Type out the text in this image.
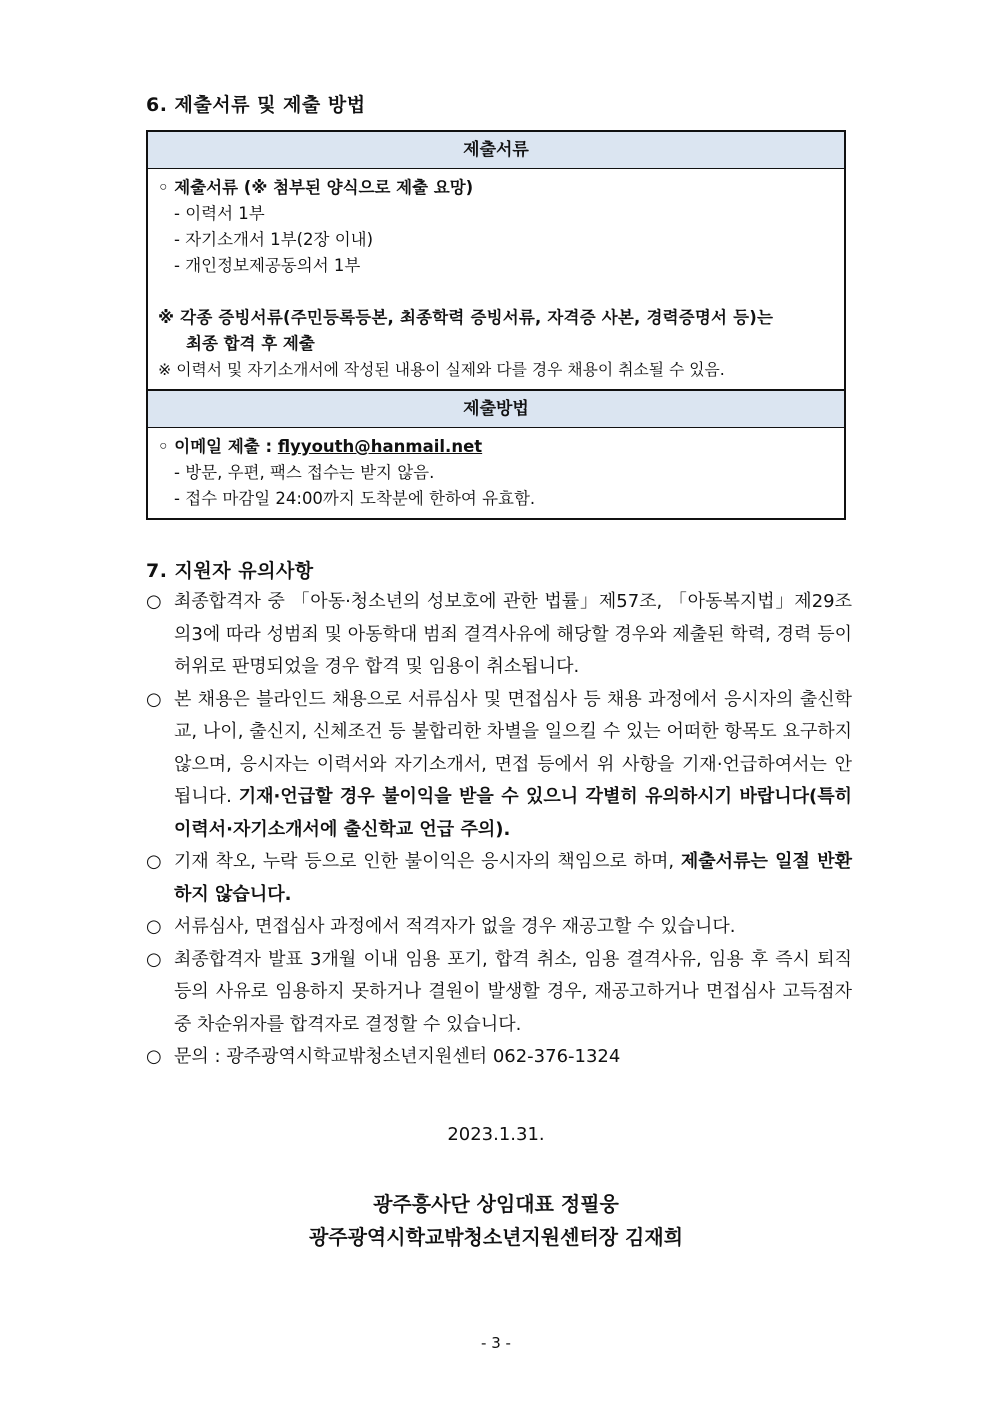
6. 제출서류 및 제출 방법
제출서류
◦ 제출서류 (※ 첨부된 양식으로 제출 요망)
- 이력서 1부
- 자기소개서 1부(2장 이내)
- 개인정보제공동의서 1부
※ 각종 증빙서류(주민등록등본, 최종학력 증빙서류, 자격증 사본, 경력증명서 등)는
최종 합격 후 제출
※ 이력서 및 자기소개서에 작성된 내용이 실제와 다를 경우 채용이 취소될 수 있음.
제출방법
◦ 이메일 제출 : flyyouth@hanmail.net
- 방문, 우편, 팩스 접수는 받지 않음.
- 접수 마감일 24:00까지 도착분에 한하여 유효함.
7. 지원자 유의사항
○ 최종합격자 중 「아동·청소년의 성보호에 관한 법률」제57조, 「아동복지법」제29조의3에 따라 성범죄 및 아동학대 범죄 결격사유에 해당할 경우와 제출된 학력, 경력 등이 허위로 판명되었을 경우 합격 및 임용이 취소됩니다.
○ 본 채용은 블라인드 채용으로 서류심사 및 면접심사 등 채용 과정에서 응시자의 출신학교, 나이, 출신지, 신체조건 등 불합리한 차별을 일으킬 수 있는 어떠한 항목도 요구하지 않으며, 응시자는 이력서와 자기소개서, 면접 등에서 위 사항을 기재·언급하여서는 안 됩니다. 기재·언급할 경우 불이익을 받을 수 있으니 각별히 유의하시기 바랍니다(특히 이력서·자기소개서에 출신학교 언급 주의).
○ 기재 착오, 누락 등으로 인한 불이익은 응시자의 책임으로 하며, 제출서류는 일절 반환하지 않습니다.
○ 서류심사, 면접심사 과정에서 적격자가 없을 경우 재공고할 수 있습니다.
○ 최종합격자 발표 3개월 이내 임용 포기, 합격 취소, 임용 결격사유, 임용 후 즉시 퇴직 등의 사유로 임용하지 못하거나 결원이 발생할 경우, 재공고하거나 면접심사 고득점자 중 차순위자를 합격자로 결정할 수 있습니다.
○ 문의 : 광주광역시학교밖청소년지원센터 062-376-1324
2023.1.31.
광주흥사단 상임대표 정필웅
광주광역시학교밖청소년지원센터장 김재희
- 3 -
